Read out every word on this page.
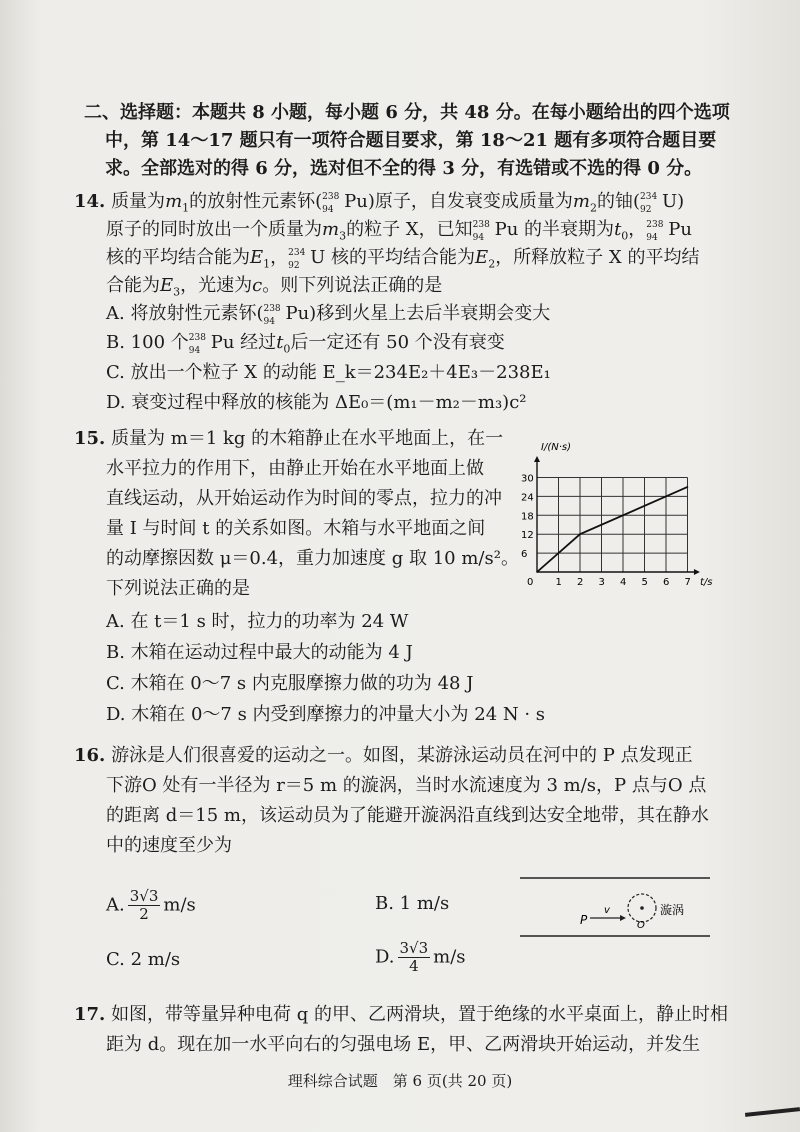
二、选择题：本题共 8 小题，每小题 6 分，共 48 分。在每小题给出的四个选项
中，第 14～17 题只有一项符合题目要求，第 18～21 题有多项符合题目要
求。全部选对的得 6 分，选对但不全的得 3 分，有选错或不选的得 0 分。
14. 质量为$m_1$的放射性元素钚( 238
94 Pu)原子，自发衰变成质量为$m_2$的铀( 234
92 U)
原子的同时放出一个质量为$m_3$的粒子 X，已知 238
94 Pu 的半衰期为$t_0$， 238
94 Pu
核的平均结合能为$E_1$， 234
92 U 核的平均结合能为$E_2$，所释放粒子 X 的平均结
合能为$E_3$，光速为c。则下列说法正确的是
A. 将放射性元素钚( 238
94 Pu)移到火星上去后半衰期会变大
B. 100 个 238
94 Pu 经过$t_0$后一定还有 50 个没有衰变
C. 放出一个粒子 X 的动能 E_k＝234E₂＋4E₃－238E₁
D. 衰变过程中释放的核能为 ΔE₀＝(m₁－m₂－m₃)c²
15. 质量为 m＝1 kg 的木箱静止在水平地面上，在一
水平拉力的作用下，由静止开始在水平地面上做
直线运动，从开始运动作为时间的零点，拉力的冲
量 I 与时间 t 的关系如图。木箱与水平地面之间
的动摩擦因数 μ＝0.4，重力加速度 g 取 10 m/s²。
下列说法正确的是
A. 在 t＝1 s 时，拉力的功率为 24 W
B. 木箱在运动过程中最大的动能为 4 J
C. 木箱在 0～7 s 内克服摩擦力做的功为 48 J
D. 木箱在 0～7 s 内受到摩擦力的冲量大小为 24 N · s
1 2 3 4 5 6 7
6
12
18
24
30
0	t/s
I/(N·s)
16. 游泳是人们很喜爱的运动之一。如图，某游泳运动员在河中的 P 点发现正
下游O 处有一半径为 r＝5 m 的漩涡，当时水流速度为 3 m/s，P 点与O 点
的距离 d＝15 m，该运动员为了能避开漩涡沿直线到达安全地带，其在静水
中的速度至少为
A. $\frac{3√3}{2} m/s$	B. 1 m/s
C. 2 m/s	D. $\frac{3√3}{4} m/s$
P
v
O
漩涡
17. 如图，带等量异种电荷 q 的甲、乙两滑块，置于绝缘的水平桌面上，静止时相
距为 d。现在加一水平向右的匀强电场 E，甲、乙两滑块开始运动，并发生
理科综合试题　第 6 页(共 20 页)
